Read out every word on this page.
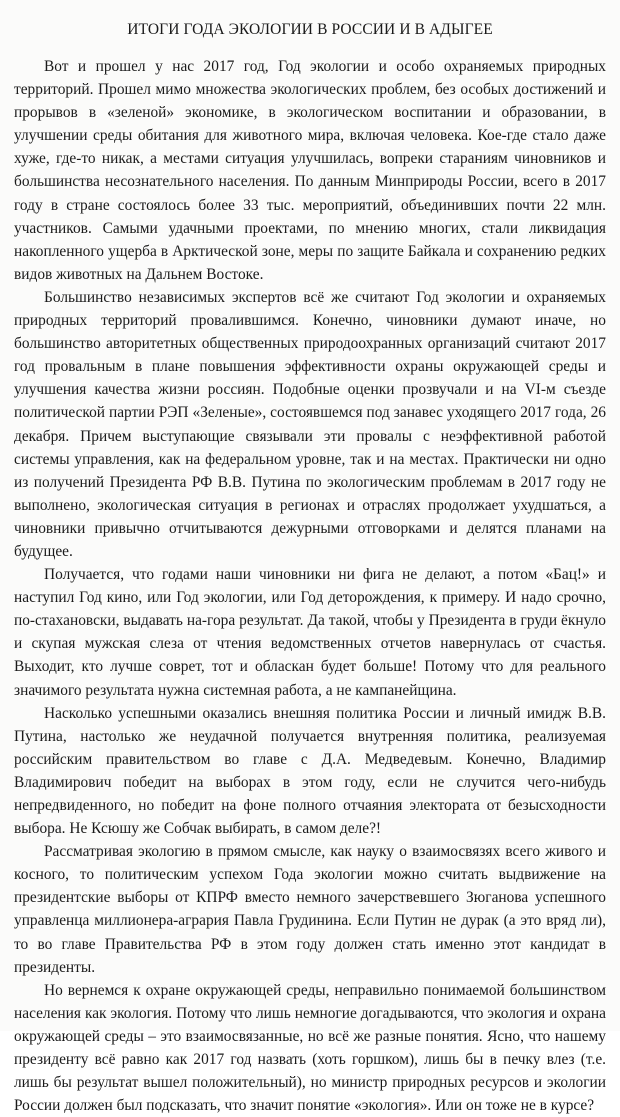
ИТОГИ ГОДА ЭКОЛОГИИ В РОССИИ И В АДЫГЕЕ

Вот и прошел у нас 2017 год, Год экологии и особо охраняемых природных территорий. Прошел мимо множества экологических проблем, без особых достижений и прорывов в «зеленой» экономике, в экологическом воспитании и образовании, в улучшении среды обитания для животного мира, включая человека. Кое-где стало даже хуже, где-то никак, а местами ситуация улучшилась, вопреки стараниям чиновников и большинства несознательного населения. По данным Минприроды России, всего в 2017 году в стране состоялось более 33 тыс. мероприятий, объединивших почти 22 млн. участников. Самыми удачными проектами, по мнению многих, стали ликвидация накопленного ущерба в Арктической зоне, меры по защите Байкала и сохранению редких видов животных на Дальнем Востоке.

Большинство независимых экспертов всё же считают Год экологии и охраняемых природных территорий провалившимся. Конечно, чиновники думают иначе, но большинство авторитетных общественных природоохранных организаций считают 2017 год провальным в плане повышения эффективности охраны окружающей среды и улучшения качества жизни россиян. Подобные оценки прозвучали и на VI-м съезде политической партии РЭП «Зеленые», состоявшемся под занавес уходящего 2017 года, 26 декабря. Причем выступающие связывали эти провалы с неэффективной работой системы управления, как на федеральном уровне, так и на местах. Практически ни одно из получений Президента РФ В.В. Путина по экологическим проблемам в 2017 году не выполнено, экологическая ситуация в регионах и отраслях продолжает ухудшаться, а чиновники привычно отчитываются дежурными отговорками и делятся планами на будущее.

Получается, что годами наши чиновники ни фига не делают, а потом «Бац!» и наступил Год кино, или Год экологии, или Год деторождения, к примеру. И надо срочно, по-стахановски, выдавать на-гора результат. Да такой, чтобы у Президента в груди ёкнуло и скупая мужская слеза от чтения ведомственных отчетов навернулась от счастья. Выходит, кто лучше соврет, тот и обласкан будет больше! Потому что для реального значимого результата нужна системная работа, а не кампанейщина.

Насколько успешными оказались внешняя политика России и личный имидж В.В. Путина, настолько же неудачной получается внутренняя политика, реализуемая российским правительством во главе с Д.А. Медведевым. Конечно, Владимир Владимирович победит на выборах в этом году, если не случится чего-нибудь непредвиденного, но победит на фоне полного отчаяния электората от безысходности выбора. Не Ксюшу же Собчак выбирать, в самом деле?!

Рассматривая экологию в прямом смысле, как науку о взаимосвязях всего живого и косного, то политическим успехом Года экологии можно считать выдвижение на президентские выборы от КПРФ вместо немного зачерствевшего Зюганова успешного управленца миллионера-агрария Павла Грудинина. Если Путин не дурак (а это вряд ли), то во главе Правительства РФ в этом году должен стать именно этот кандидат в президенты.

Но вернемся к охране окружающей среды, неправильно понимаемой большинством населения как экология. Потому что лишь немногие догадываются, что экология и охрана окружающей среды – это взаимосвязанные, но всё же разные понятия. Ясно, что нашему президенту всё равно как 2017 год назвать (хоть горшком), лишь бы в печку влез (т.е. лишь бы результат вышел положительный), но министр природных ресурсов и экологии России должен был подсказать, что значит понятие «экология». Или он тоже не в курсе?
